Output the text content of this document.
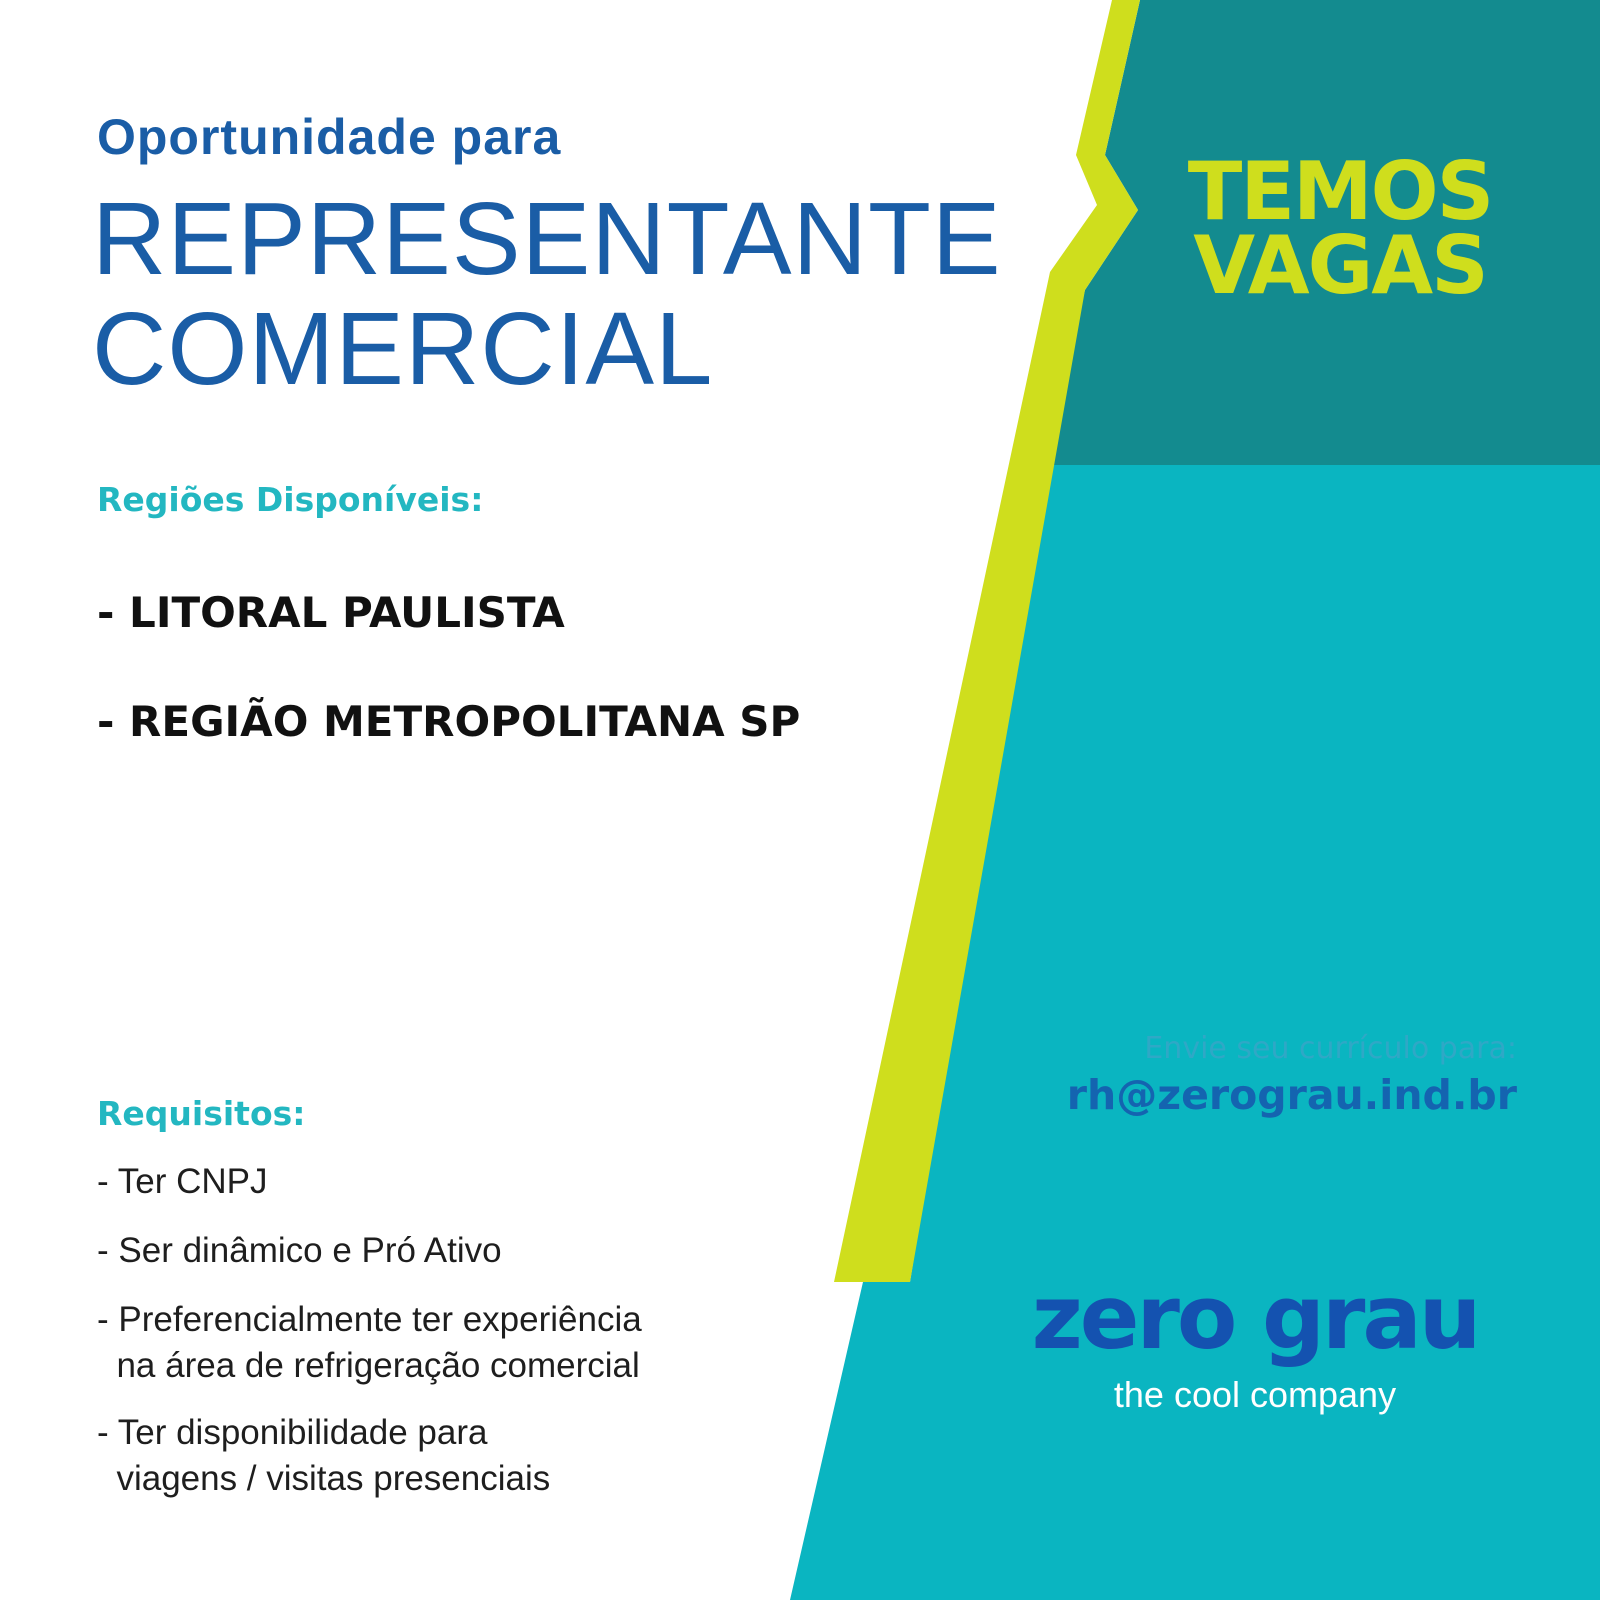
Oportunidade para
REPRESENTANTE
COMERCIAL
Regiões Disponíveis:
- LITORAL PAULISTA
- REGIÃO METROPOLITANA SP
Requisitos:
- Ter CNPJ
- Ser dinâmico e Pró Ativo
- Preferencialmente ter experiência
na área de refrigeração comercial
- Ter disponibilidade para
viagens / visitas presenciais
TEMOS
VAGAS
Envie seu currículo para:
rh@zerograu.ind.br
zero grau
the cool company
